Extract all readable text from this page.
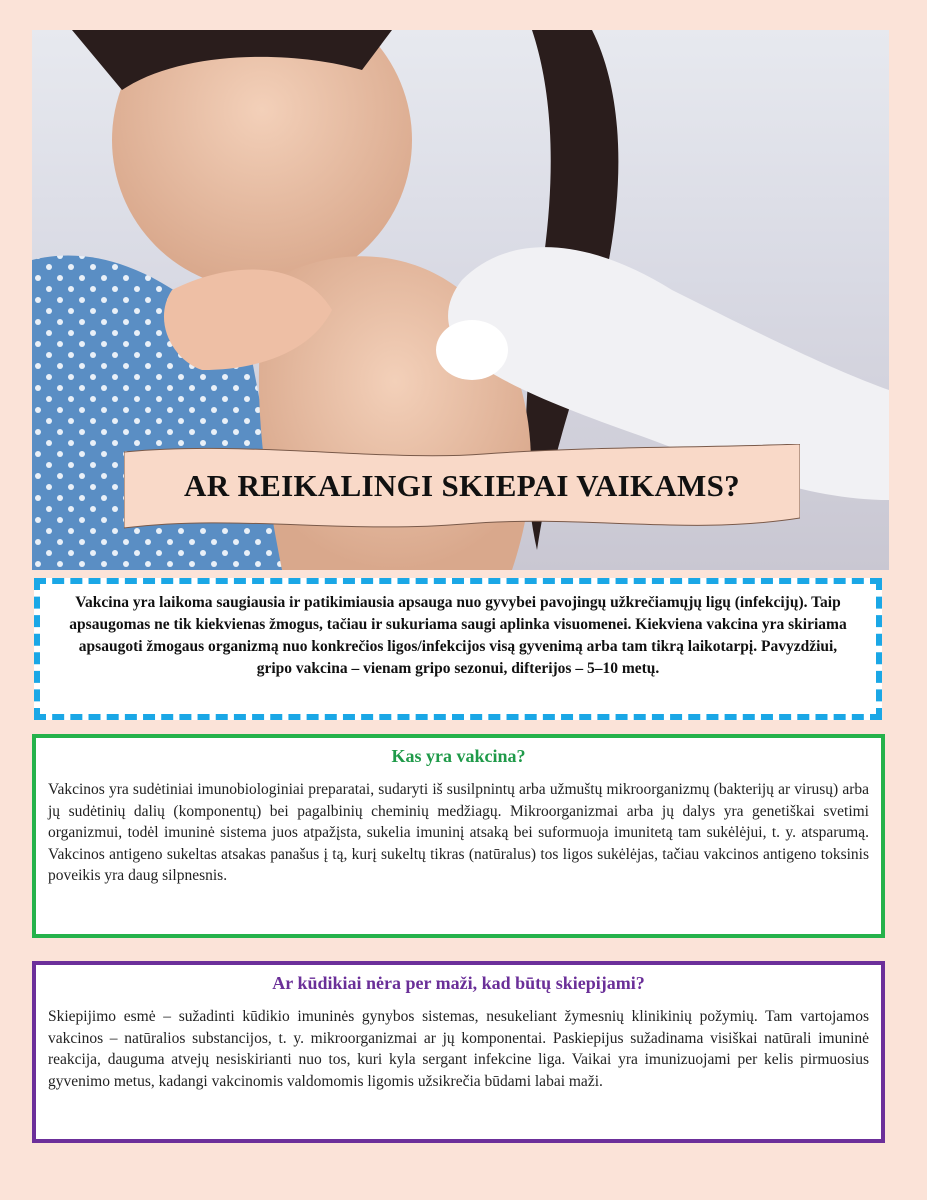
AR REIKALINGI SKIEPAI VAIKAMS?
Vakcina yra laikoma saugiausia ir patikimiausia apsauga nuo gyvybei pavojingų užkrečiamųjų ligų (infekcijų). Taip apsaugomas ne tik kiekvienas žmogus, tačiau ir sukuriama saugi aplinka visuomenei. Kiekviena vakcina yra skiriama apsaugoti žmogaus organizmą nuo konkrečios ligos/infekcijos visą gyvenimą arba tam tikrą laikotarpį. Pavyzdžiui, gripo vakcina – vienam gripo sezonui, difterijos – 5–10 metų.
Kas yra vakcina?

Vakcinos yra sudėtiniai imunobiologiniai preparatai, sudaryti iš susilpnintų arba užmuštų mikroorganizmų (bakterijų ar virusų) arba jų sudėtinių dalių (komponentų) bei pagalbinių cheminių medžiagų. Mikroorganizmai arba jų dalys yra genetiškai svetimi organizmui, todėl imuninė sistema juos atpažįsta, sukelia imuninį atsaką bei suformuoja imunitetą tam sukėlėjui, t. y. atsparumą. Vakcinos antigeno sukeltas atsakas panašus į tą, kurį sukeltų tikras (natūralus) tos ligos sukėlėjas, tačiau vakcinos antigeno toksinis poveikis yra daug silpnesnis.

Ar kūdikiai nėra per maži, kad būtų skiepijami?

Skiepijimo esmė – sužadinti kūdikio imuninės gynybos sistemas, nesukeliant žymesnių klinikinių požymių. Tam vartojamos vakcinos – natūralios substancijos, t. y. mikroorganizmai ar jų komponentai. Paskiepijus sužadinama visiškai natūrali imuninė reakcija, dauguma atvejų nesiskirianti nuo tos, kuri kyla sergant infekcine liga. Vaikai yra imunizuojami per kelis pirmuosius gyvenimo metus, kadangi vakcinomis valdomomis ligomis užsikrečia būdami labai maži.
